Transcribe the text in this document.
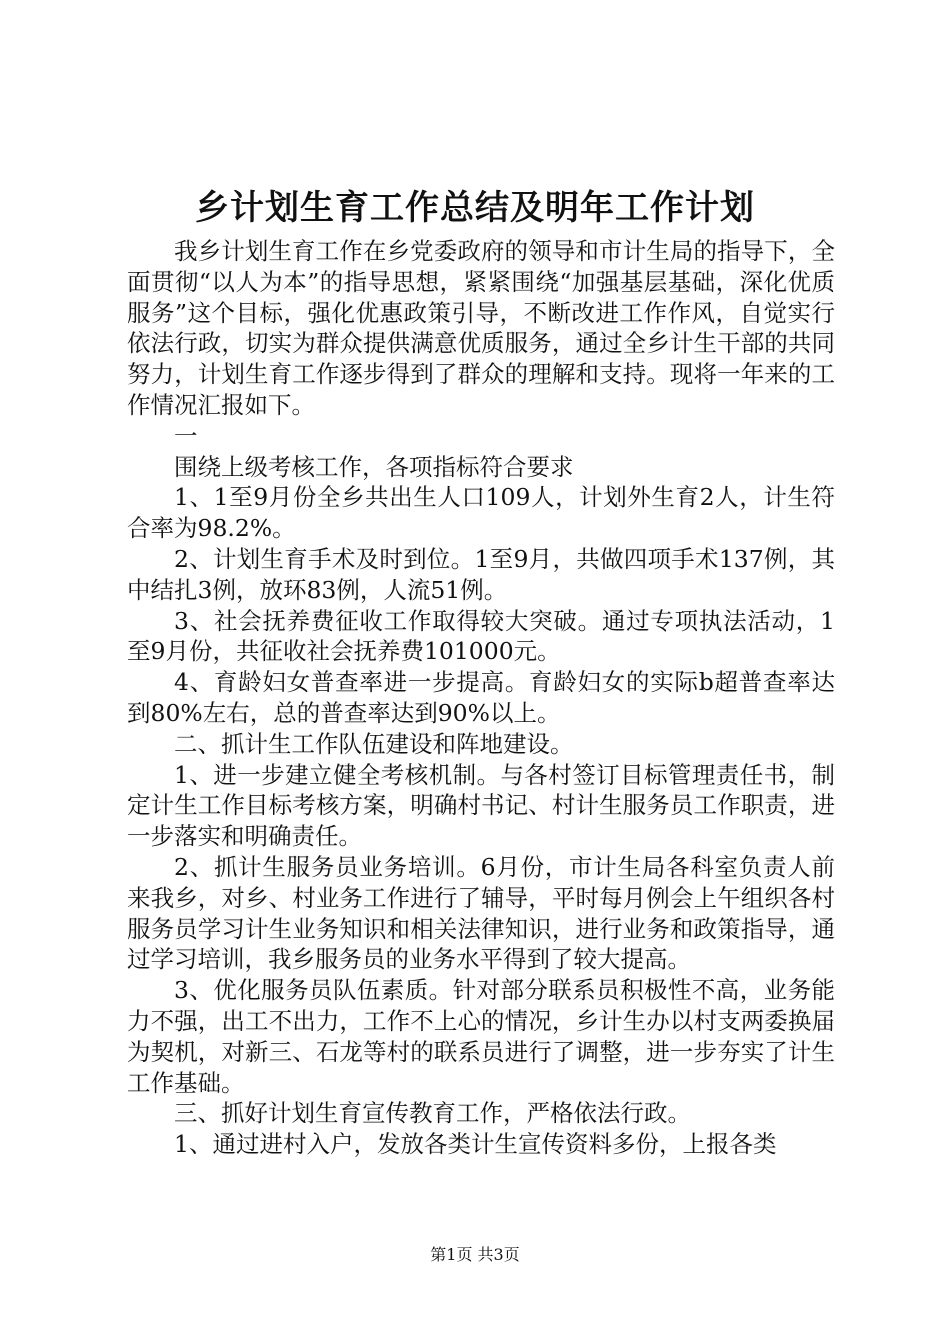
乡计划生育工作总结及明年工作计划

我乡计划生育工作在乡党委政府的领导和市计生局的指导下，全面贯彻“以人为本”的指导思想，紧紧围绕“加强基层基础，深化优质服务”这个目标，强化优惠政策引导，不断改进工作作风，自觉实行依法行政，切实为群众提供满意优质服务，通过全乡计生干部的共同努力，计划生育工作逐步得到了群众的理解和支持。现将一年来的工作情况汇报如下。

一

围绕上级考核工作，各项指标符合要求

1、1至9月份全乡共出生人口109人，计划外生育2人，计生符合率为98.2%。

2、计划生育手术及时到位。1至9月，共做四项手术137例，其中结扎3例，放环83例，人流51例。

3、社会抚养费征收工作取得较大突破。通过专项执法活动，1至9月份，共征收社会抚养费101000元。

4、育龄妇女普查率进一步提高。育龄妇女的实际b超普查率达到80%左右，总的普查率达到90%以上。

二、抓计生工作队伍建设和阵地建设。

1、进一步建立健全考核机制。与各村签订目标管理责任书，制定计生工作目标考核方案，明确村书记、村计生服务员工作职责，进一步落实和明确责任。

2、抓计生服务员业务培训。6月份，市计生局各科室负责人前来我乡，对乡、村业务工作进行了辅导，平时每月例会上午组织各村服务员学习计生业务知识和相关法律知识，进行业务和政策指导，通过学习培训，我乡服务员的业务水平得到了较大提高。

3、优化服务员队伍素质。针对部分联系员积极性不高，业务能力不强，出工不出力，工作不上心的情况，乡计生办以村支两委换届为契机，对新三、石龙等村的联系员进行了调整，进一步夯实了计生工作基础。

三、抓好计划生育宣传教育工作，严格依法行政。

1、通过进村入户，发放各类计生宣传资料多份，上报各类

第1页 共3页
